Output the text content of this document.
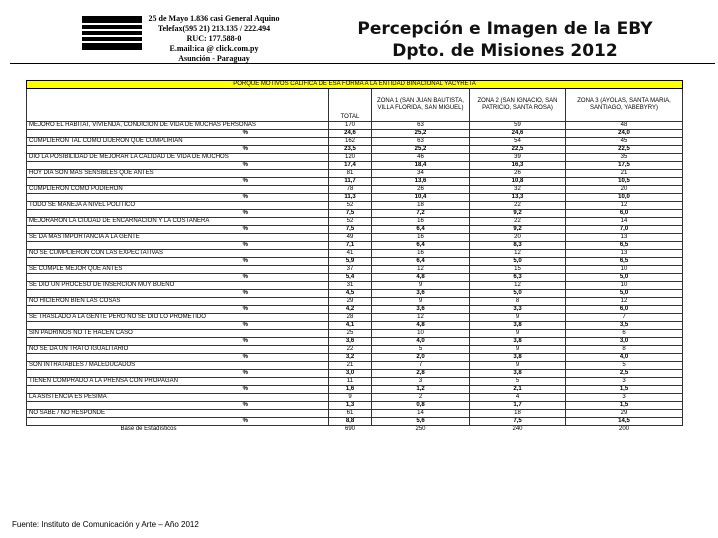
25 de Mayo 1.836 casi General Aquino
Telefax(595 21) 213.135 / 222.494
RUC: 177.588-0
E.mail:ica @ click.com.py
Asunción - Paraguay
Percepción e Imagen de la EBY
Dpto. de Misiones 2012
PORQUE MOTIVOS CALIFICA DE ESA FORMA A LA ENTIDAD BINACIONAL YACYRETA				
	TOTAL	ZONA 1 (SAN JUAN BAUTISTA, VILLA FLORIDA, SAN MIGUEL)	ZONA 2 (SAN IGNACIO, SAN PATRICIO, SANTA ROSA)	ZONA 3 (AYOLAS, SANTA MARIA, SANTIAGO, YABEBYRY)
MEJORO EL HABITAT, VIVIENDA, CONDICION DE VIDA DE MUCHAS PERSONAS	170	63	59	48
%	24,6	25,2	24,6	24,0
CUMPLIERON TAL COMO DIJERON QUE CUMPLIRIAN	162	63	54	45
%	23,5	25,2	22,5	22,5
DIO LA POSIBILIDAD DE MEJORAR LA CALIDAD DE VIDA DE MUCHOS	120	46	39	35
%	17,4	18,4	16,3	17,5
HOY DIA SON MAS SENSIBLES QUE ANTES	81	34	26	21
%	11,7	13,6	10,8	10,5
CUMPLIERON COMO PUDIERON	78	26	32	20
%	11,3	10,4	13,3	10,0
TODO SE MANEJA A NIVEL POLITICO	52	18	22	12
%	7,5	7,2	9,2	6,0
MEJORARON LA CIUDAD DE ENCARNACION Y LA COSTANERA	52	16	22	14
%	7,5	6,4	9,2	7,0
SE DA MAS IMPORTANCIA A LA GENTE	49	16	20	13
%	7,1	6,4	8,3	6,5
NO SE CUMPLIERON CON LAS EXPECTATIVAS	41	16	12	13
%	5,9	6,4	5,0	6,5
SE CUMPLE MEJOR QUE ANTES	37	12	15	10
%	5,4	4,8	6,3	5,0
SE DIO UN PROCESO DE INSERCION MUY BUENO	31	9	12	10
%	4,5	3,6	5,0	5,0
NO HICIERON BIEN LAS COSAS	29	9	8	12
%	4,2	3,6	3,3	6,0
SE TRASLADO A LA GENTE PERO NO SE DIO LO PROMETIDO	28	12	9	7
%	4,1	4,8	3,8	3,5
SIN PADRINOS NO TE HACEN CASO	25	10	9	6
%	3,6	4,0	3,8	3,0
NO SE DA UN TRATO IGUALITARIO	22	5	9	8
%	3,2	2,0	3,8	4,0
SON INTRATABLES / MALEDUCADOS	21	7	9	5
%	3,0	2,8	3,8	2,5
TIENEN COMPRADO A LA PRENSA CON PROPAGAN	11	3	5	3
%	1,6	1,2	2,1	1,5
LA ASISTENCIA ES PESIMA	9	2	4	3
%	1,3	0,8	1,7	1,5
NO SABE / NO RESPONDE	61	14	18	29
%	8,8	5,6	7,5	14,5
Base de Estadísticos	690	250	240	200
Fuente: Instituto de Comunicación y Arte – Año 2012
